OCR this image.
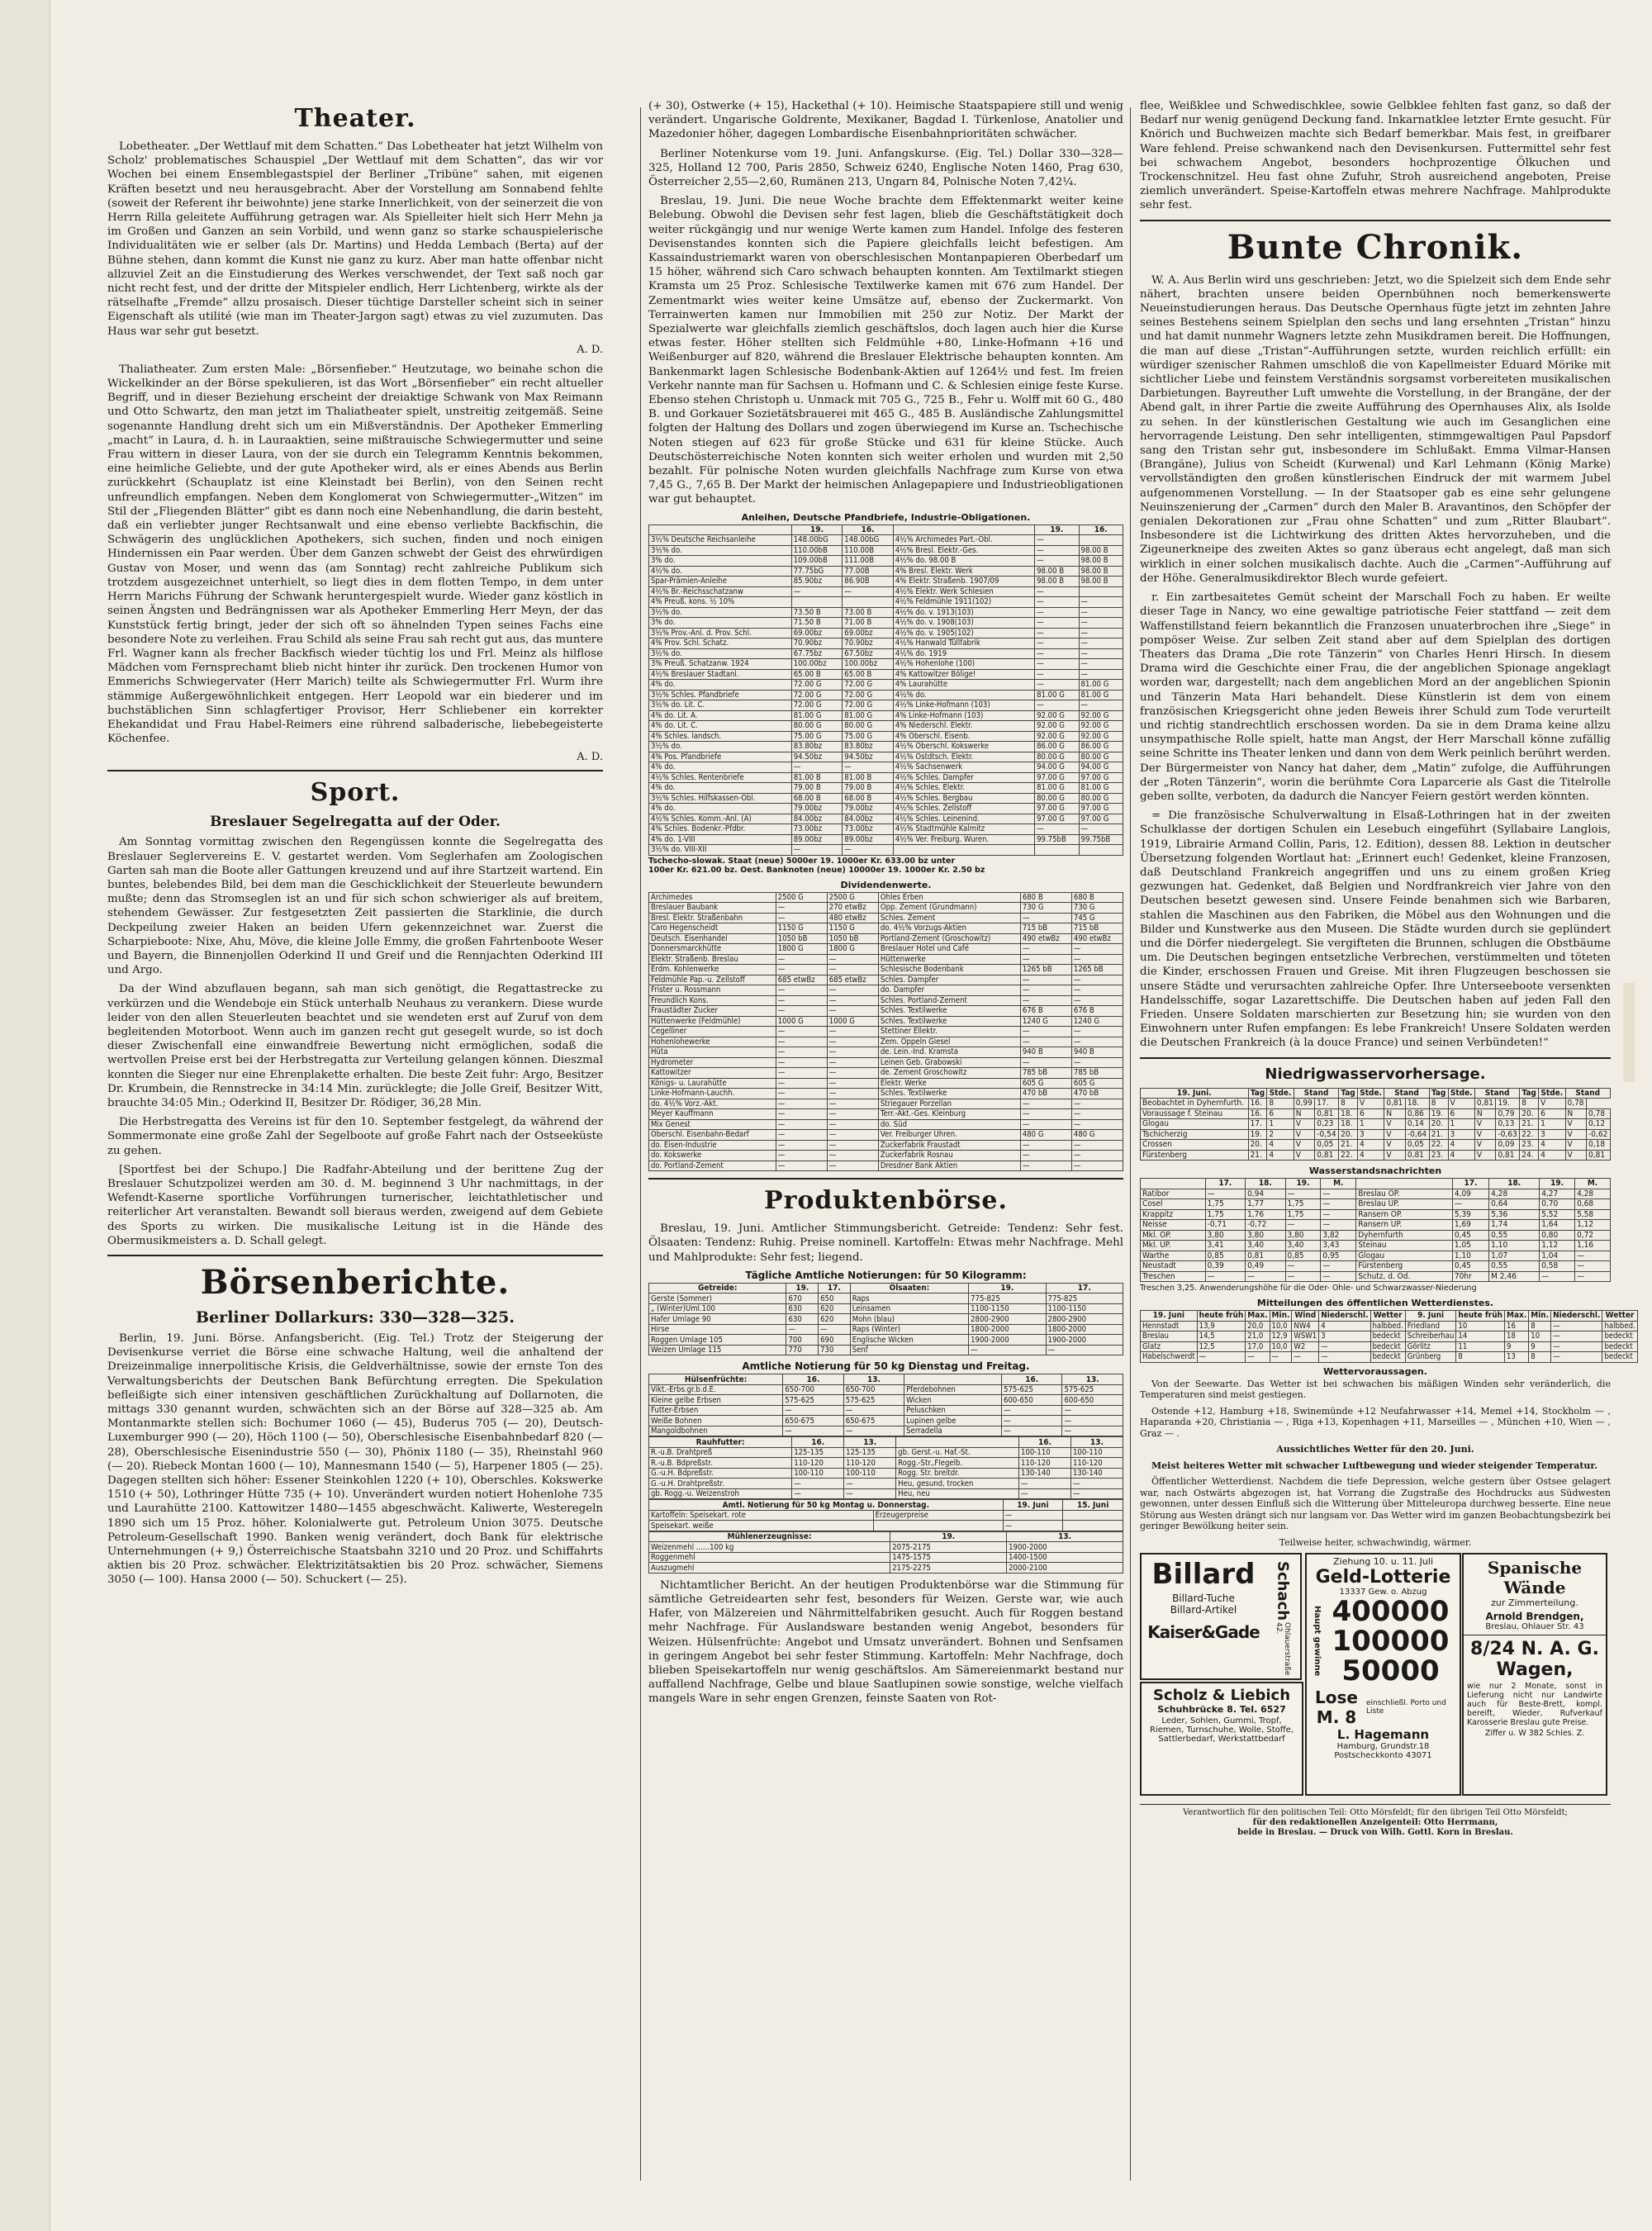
Theater.

Lobetheater. „Der Wettlauf mit dem Schatten.“ Das Lobetheater hat jetzt Wilhelm von Scholz' problematisches Schauspiel „Der Wettlauf mit dem Schatten“, das wir vor Wochen bei einem Ensemblegastspiel der Berliner „Tribüne“ sahen, mit eigenen Kräften besetzt und neu herausgebracht. Aber der Vorstellung am Sonnabend fehlte (soweit der Referent ihr beiwohnte) jene starke Innerlichkeit, von der seinerzeit die von Herrn Rilla geleitete Aufführung getragen war. Als Spielleiter hielt sich Herr Mehn ja im Großen und Ganzen an sein Vorbild, und wenn ganz so starke schauspielerische Individualitäten wie er selber (als Dr. Martins) und Hedda Lembach (Berta) auf der Bühne stehen, dann kommt die Kunst nie ganz zu kurz. Aber man hatte offenbar nicht allzuviel Zeit an die Einstudierung des Werkes verschwendet, der Text saß noch gar nicht recht fest, und der dritte der Mitspieler endlich, Herr Lichtenberg, wirkte als der rätselhafte „Fremde“ allzu prosaisch. Dieser tüchtige Darsteller scheint sich in seiner Eigenschaft als utilité (wie man im Theater-Jargon sagt) etwas zu viel zuzumuten. Das Haus war sehr gut besetzt.

A. D.

Thaliatheater. Zum ersten Male: „Börsenfieber.“ Heutzutage, wo beinahe schon die Wickelkinder an der Börse spekulieren, ist das Wort „Börsenfieber“ ein recht altueller Begriff, und in dieser Beziehung erscheint der dreiaktige Schwank von Max Reimann und Otto Schwartz, den man jetzt im Thaliatheater spielt, unstreitig zeitgemäß. Seine sogenannte Handlung dreht sich um ein Mißverständnis. Der Apotheker Emmerling „macht“ in Laura, d. h. in Lauraaktien, seine mißtrauische Schwiegermutter und seine Frau wittern in dieser Laura, von der sie durch ein Telegramm Kenntnis bekommen, eine heimliche Geliebte, und der gute Apotheker wird, als er eines Abends aus Berlin zurückkehrt (Schauplatz ist eine Kleinstadt bei Berlin), von den Seinen recht unfreundlich empfangen. Neben dem Konglomerat von Schwiegermutter-„Witzen“ im Stil der „Fliegenden Blätter“ gibt es dann noch eine Nebenhandlung, die darin besteht, daß ein verliebter junger Rechtsanwalt und eine ebenso verliebte Backfischin, die Schwägerin des unglücklichen Apothekers, sich suchen, finden und noch einigen Hindernissen ein Paar werden. Über dem Ganzen schwebt der Geist des ehrwürdigen Gustav von Moser, und wenn das (am Sonntag) recht zahlreiche Publikum sich trotzdem ausgezeichnet unterhielt, so liegt dies in dem flotten Tempo, in dem unter Herrn Marichs Führung der Schwank heruntergespielt wurde. Wieder ganz köstlich in seinen Ängsten und Bedrängnissen war als Apotheker Emmerling Herr Meyn, der das Kunststück fertig bringt, jeder der sich oft so ähnelnden Typen seines Fachs eine besondere Note zu verleihen. Frau Schild als seine Frau sah recht gut aus, das muntere Frl. Wagner kann als frecher Backfisch wieder tüchtig los und Frl. Meinz als hilflose Mädchen vom Fernsprechamt blieb nicht hinter ihr zurück. Den trockenen Humor von Emmerichs Schwiegervater (Herr Marich) teilte als Schwiegermutter Frl. Wurm ihre stämmige Außergewöhnlichkeit entgegen. Herr Leopold war ein biederer und im buchstäblichen Sinn schlagfertiger Provisor, Herr Schliebener ein korrekter Ehekandidat und Frau Habel-Reimers eine rührend salbaderische, liebebegeisterte Köchenfee.

A. D.

Sport.
Breslauer Segelregatta auf der Oder.

Am Sonntag vormittag zwischen den Regengüssen konnte die Segelregatta des Breslauer Seglervereins E. V. gestartet werden. Vom Seglerhafen am Zoologischen Garten sah man die Boote aller Gattungen kreuzend und auf ihre Startzeit wartend. Ein buntes, belebendes Bild, bei dem man die Geschicklichkeit der Steuerleute bewundern mußte; denn das Stromseglen ist an und für sich schon schwieriger als auf breitem, stehendem Gewässer. Zur festgesetzten Zeit passierten die Starklinie, die durch Deckpeilung zweier Haken an beiden Ufern gekennzeichnet war. Zuerst die Scharpieboote: Nixe, Ahu, Möve, die kleine Jolle Emmy, die großen Fahrtenboote Weser und Bayern, die Binnenjollen Oderkind II und Greif und die Rennjachten Oderkind III und Argo.

Da der Wind abzuflauen begann, sah man sich genötigt, die Regattastrecke zu verkürzen und die Wendeboje ein Stück unterhalb Neuhaus zu verankern. Diese wurde leider von den allen Steuerleuten beachtet und sie wendeten erst auf Zuruf von dem begleitenden Motorboot. Wenn auch im ganzen recht gut gesegelt wurde, so ist doch dieser Zwischenfall eine einwandfreie Bewertung nicht ermöglichen, sodaß die wertvollen Preise erst bei der Herbstregatta zur Verteilung gelangen können. Dieszmal konnten die Sieger nur eine Ehrenplakette erhalten. Die beste Zeit fuhr: Argo, Besitzer Dr. Krumbein, die Rennstrecke in 34:14 Min. zurücklegte; die Jolle Greif, Besitzer Witt, brauchte 34:05 Min.; Oderkind II, Besitzer Dr. Rödiger, 36,28 Min.

Die Herbstregatta des Vereins ist für den 10. September festgelegt, da während der Sommermonate eine große Zahl der Segelboote auf große Fahrt nach der Ostseeküste zu gehen.

[Sportfest bei der Schupo.] Die Radfahr-Abteilung und der berittene Zug der Breslauer Schutzpolizei werden am 30. d. M. beginnend 3 Uhr nachmittags, in der Wefendt-Kaserne sportliche Vorführungen turnerischer, leichtathletischer und reiterlicher Art veranstalten. Bewandt soll bieraus werden, zweigend auf dem Gebiete des Sports zu wirken. Die musikalische Leitung ist in die Hände des Obermusikmeisters a. D. Schall gelegt.

Börsenberichte.
Berliner Dollarkurs: 330—328—325.

Berlin, 19. Juni. Börse. Anfangsbericht. (Eig. Tel.) Trotz der Steigerung der Devisenkurse verriet die Börse eine schwache Haltung, weil die anhaltend der Dreizeinmalige innerpolitische Krisis, die Geldverhältnisse, sowie der ernste Ton des Verwaltungsberichts der Deutschen Bank Befürchtung erregten. Die Spekulation befleißigte sich einer intensiven geschäftlichen Zurückhaltung auf Dollarnoten, die mittags 330 genannt wurden, schwächten sich an der Börse auf 328—325 ab. Am Montanmarkte stellen sich: Bochumer 1060 (— 45), Buderus 705 (— 20), Deutsch-Luxemburger 990 (— 20), Höch 1100 (— 50), Oberschlesische Eisenbahnbedarf 820 (— 28), Oberschlesische Eisenindustrie 550 (— 30), Phönix 1180 (— 35), Rheinstahl 960 (— 20). Riebeck Montan 1600 (— 10), Mannesmann 1540 (— 5), Harpener 1805 (— 25). Dagegen stellten sich höher: Essener Steinkohlen 1220 (+ 10), Oberschles. Kokswerke 1510 (+ 50), Lothringer Hütte 735 (+ 10). Unverändert wurden notiert Hohenlohe 735 und Laurahütte 2100. Kattowitzer 1480—1455 abgeschwächt. Kaliwerte, Westeregeln 1890 sich um 15 Proz. höher. Kolonialwerte gut. Petroleum Union 3075. Deutsche Petroleum-Gesellschaft 1990. Banken wenig verändert, doch Bank für elektrische Unternehmungen (+ 9,) Österreichische Staatsbahn 3210 und 20 Proz. und Schiffahrts aktien bis 20 Proz. schwächer. Elektrizitätsaktien bis 20 Proz. schwächer, Siemens 3050 (— 100). Hansa 2000 (— 50). Schuckert (— 25).

(+ 30), Ostwerke (+ 15), Hackethal (+ 10). Heimische Staatspapiere still und wenig verändert. Ungarische Goldrente, Mexikaner, Bagdad I. Türkenlose, Anatolier und Mazedonier höher, dagegen Lombardische Eisenbahnprioritäten schwächer.

Berliner Notenkurse vom 19. Juni. Anfangskurse. (Eig. Tel.) Dollar 330—328—325, Holland 12 700, Paris 2850, Schweiz 6240, Englische Noten 1460, Prag 630, Österreicher 2,55—2,60, Rumänen 213, Ungarn 84, Polnische Noten 7,42¼.

Breslau, 19. Juni. Die neue Woche brachte dem Effektenmarkt weiter keine Belebung. Obwohl die Devisen sehr fest lagen, blieb die Geschäftstätigkeit doch weiter rückgängig und nur wenige Werte kamen zum Handel. Infolge des festeren Devisenstandes konnten sich die Papiere gleichfalls leicht befestigen. Am Kassaindustriemarkt waren von oberschlesischen Montanpapieren Oberbedarf um 15 höher, während sich Caro schwach behaupten konnten. Am Textilmarkt stiegen Kramsta um 25 Proz. Schlesische Textilwerke kamen mit 676 zum Handel. Der Zementmarkt wies weiter keine Umsätze auf, ebenso der Zuckermarkt. Von Terrainwerten kamen nur Immobilien mit 250 zur Notiz. Der Markt der Spezialwerte war gleichfalls ziemlich geschäftslos, doch lagen auch hier die Kurse etwas fester. Höher stellten sich Feldmühle +80, Linke-Hofmann +16 und Weißenburger auf 820, während die Breslauer Elektrische behaupten konnten. Am Bankenmarkt lagen Schlesische Bodenbank-Aktien auf 1264½ und fest. Im freien Verkehr nannte man für Sachsen u. Hofmann und C. & Schlesien einige feste Kurse. Ebenso stehen Christoph u. Unmack mit 705 G., 725 B., Fehr u. Wolff mit 60 G., 480 B. und Gorkauer Sozietätsbrauerei mit 465 G., 485 B. Ausländische Zahlungsmittel folgten der Haltung des Dollars und zogen überwiegend im Kurse an. Tschechische Noten stiegen auf 623 für große Stücke und 631 für kleine Stücke. Auch Deutschösterreichische Noten konnten sich weiter erholen und wurden mit 2,50 bezahlt. Für polnische Noten wurden gleichfalls Nachfrage zum Kurse von etwa 7,45 G., 7,65 B. Der Markt der heimischen Anlagepapiere und Industrieobligationen war gut behauptet.

Anleihen, Deutsche Pfandbriefe, Industrie-Obligationen.
	19.	16.		19.	16.
3½% Deutsche Reichsanleihe	148.00bG	148.00bG	4½% Archimedes Part.-Obl.	—	
3½% do.	110.00bB	110.00B	4½% Bresl. Elektr.-Ges.	—	98.00 B
3% do.	109.00bB	111.00B	4½% do. 98.00 B	—	98.00 B
4½% do.	77.75bG	77.00B	4% Bresl. Elektr. Werk	98.00 B	98.00 B
Spar-Prämien-Anleihe	85.90bz	86.90B	4% Elektr. Straßenb. 1907/09	98.00 B	98.00 B
4½% Br.-Reichsschatzanw	—	—	4½% Elektr. Werk Schlesien	—	
4% Preuß. kons. ½ 10%			4½% Feldmühle 1911(102)	—	—
3½% do.	73.50 B	73.00 B	4½% do. v. 1913(103)	—	—
3% do.	71.50 B	71.00 B	4½% do. v. 1908(103)	—	—
3½% Prov.-Anl. d. Prov. Schl.	69.00bz	69.00bz	4½% do. v. 1905(102)	—	—
4% Prov. Schl. Schatz.	70.90bz	70.90bz	4½% Hanwald Tüllfabrik	—	—
3½% do.	67.75bz	67.50bz	4½% do. 1919	—	—
3% Preuß. Schatzanw. 1924	100.00bz	100.00bz	4½% Hohenlohe (100)	—	—
4½% Breslauer Stadtanl.	65.00 B	65.00 B	4% Kattowitzer Bölige!	—	—
4% do.	72.00 G	72.00 G	4% Laurahütte	—	81.00 G
3½% Schles. Pfandbriefe	72.00 G	72.00 G	4½% do.	81.00 G	81.00 G
3½% do. Lit. C.	72.00 G	72.00 G	4½% Linke-Hofmann (103)	—	—
4% do. Lit. A.	81.00 G	81.00 G	4% Linke-Hofmann (103)	92.00 G	92.00 G
4% do. Lit. C.	80.00 G	80.00 G	4% Niederschl. Elektr.	92.00 G	92.00 G
4% Schles. landsch.	75.00 G	75.00 G	4% Oberschl. Eisenb.	92.00 G	92.00 G
3½% do.	83.80bz	83.80bz	4½% Oberschl. Kokswerke	86.00 G	86.00 G
4% Pos. Pfandbriefe	94.50bz	94.50bz	4½% Ostdtsch. Elektr.	80.00 G	80.00 G
4% do.	—	—	4½% Sachsenwerk	94.00 G	94.00 G
4½% Schles. Rentenbriefe	81.00 B	81.00 B	4½% Schles. Dampfer	97.00 G	97.00 G
4% do.	79.00 B	79.00 B	4½% Schles. Elektr.	81.00 G	81.00 G
3½% Schles. Hilfskassen-Obl.	68.00 B	68.00 B	4½% Schles. Bergbau	80.00 G	80.00 G
4% do.	79.00bz	79.00bz	4½% Schles. Zellstoff	97.00 G	97.00 G
4½% Schles. Komm.-Anl. (A)	84.00bz	84.00bz	4½% Schles. Leinenind.	97.00 G	97.00 G
4% Schles. Bodenkr.-Pfdbr.	73.00bz	73.00bz	4½% Stadtmühle Kalmitz	—	—
4% do. 1-VIII	89.00bz	89.00bz	4½% Ver. Freiburg. Wuren.	99.75bB	99.75bB
3½% do. VIII-XII	—	—			
Tschecho-slowak. Staat (neue) 5000er 19. 1000er Kr. 633.00 bz unter
100er Kr. 621.00 bz. Oest. Banknoten (neue) 10000er 19. 1000er Kr. 2.50 bz
Dividendenwerte.
Archimedes	2500 G	2500 G	Ohles Erben	680 B	680 B
Breslauer Baubank	—	270 etwBz	Opp. Zement (Grundmann)	730 G	730 G
Bresl. Elektr. Straßenbahn	—	480 etwBz	Schles. Zement	—	745 G
Caro Hegenscheidt	1150 G	1150 G	do. 4½% Vorzugs-Aktien	715 bB	715 bB
Deutsch. Eisenhandel	1050 bB	1050 bB	Portland-Zement (Groschowitz)	490 etwBz	490 etwBz
Donnersmarckhütte	1800 G	1800 G	Breslauer Hotel und Café	—	—
Elektr. Straßenb. Breslau	—	—	Hüttenwerke	—	—
Erdm. Kohlenwerke	—	—	Schlesische Bodenbank	1265 bB	1265 bB
Feldmühle Pap.-u. Zellstoff	685 etwBz	685 etwBz	Schles. Dampfer	—	—
Frister u. Rossmann	—	—	do. Dampfer	—	—
Freundlich Kons.	—	—	Schles. Portland-Zement	—	—
Fraustädter Zucker	—	—	Schles. Textilwerke	676 B	676 B
Hüttenwerke (Feldmühle)	1000 G	1000 G	Schles. Textilwerke	1240 G	1240 G
Cegelliner	—	—	Stettiner Ellektr.	—	—
Hohenlohewerke	—	—	Zem. Oppeln Giesel	—	—
Hüta	—	—	de. Lein.-Ind. Kramsta	940 B	940 B
Hydrometer	—	—	Leinen Geb. Grabowski	—	—
Kattowitzer	—	—	de. Zement Groschowitz	785 bB	785 bB
Königs- u. Laurahütte	—	—	Elektr. Werke	605 G	605 G
Linke-Hofmann-Lauchh.	—	—	Schles. Textilwerke	470 bB	470 bB
do. 4½% Vorz.-Akt.	—	—	Striegauer Porzellan	—	—
Meyer Kauffmann	—	—	Terr.-Akt.-Ges. Kleinburg	—	—
Mix Genest	—	—	do. Süd	—	—
Oberschl. Eisenbahn-Bedarf	—	—	Ver. Freiburger Uhren.	480 G	480 G
do. Eisen-Industrie	—	—	Zuckerfabrik Fraustadt	—	—
do. Kokswerke	—	—	Zuckerfabrik Rosnau	—	—
do. Portland-Zement	—	—	Dresdner Bank Aktien	—	—
Produktenbörse.

Breslau, 19. Juni. Amtlicher Stimmungsbericht. Getreide: Tendenz: Sehr fest. Ölsaaten: Tendenz: Ruhig. Preise nominell. Kartoffeln: Etwas mehr Nachfrage. Mehl und Mahlprodukte: Sehr fest; liegend.

Tägliche Amtliche Notierungen: für 50 Kilogramm:
Getreide:	19.	17.	Ölsaaten:	19.	17.
Gerste (Sommer)	670	650	Raps	775-825	775-825
„ (Winter)Uml.100	630	620	Leinsamen	1100-1150	1100-1150
Hafer Umlage 90	630	620	Mohn (blau)	2800-2900	2800-2900
Hirse	—	—	Raps (Winter)	1800-2000	1800-2000
Roggen Umlage 105	700	690	Englische Wicken	1900-2000	1900-2000
Weizen Umlage 115	770	730	Senf	—	—
Amtliche Notierung für 50 kg Dienstag und Freitag.
Hülsenfrüchte:	16.	13.		16.	13.
Vikt.-Erbs.gr.b.d.E.	650-700	650-700	Pferdebohnen	575-625	575-625
Kleine gelbe Erbsen	575-625	575-625	Wicken	600-650	600-650
Futter-Erbsen	—	—	Peluschken	—	—
Weiße Bohnen	650-675	650-675	Lupinen gelbe	—	—
Mangoldbohnen	—	—	Serradella	—	—
Rauhfutter:	16.	13.		16.	13.
R.-u.B. Drahtpreß	125-135	125-135	gb. Gerst.-u. Haf.-St.	100-110	100-110
R.-u.B. Bdpreßstr.	110-120	110-120	Rogg.-Str.,Flegelb.	110-120	110-120
G.-u.H. Bdpreßstr.	100-110	100-110	Rogg. Str. breitdr.	130-140	130-140
G.-u.H. Drahtpreßstr.	—	—	Heu, gesund, trocken	—	—
gb. Rogg.-u. Weizenstroh	—	—	Heu, neu	—	—
Amtl. Notierung für 50 kg Montag u. Donnerstag.		19. Juni	15. Juni
Kartoffeln: Speisekart. rote	Erzeugerpreise	—	
Speisekart. weiße		—	
Mühlenerzeugnisse:	19.	13.
Weizenmehl ......100 kg	2075-2175	1900-2000
Roggenmehl	1475-1575	1400-1500
Auszugmehl	2175-2275	2000-2100

Nichtamtlicher Bericht. An der heutigen Produktenbörse war die Stimmung für sämtliche Getreidearten sehr fest, besonders für Weizen. Gerste war, wie auch Hafer, von Mälzereien und Nährmittelfabriken gesucht. Auch für Roggen bestand mehr Nachfrage. Für Auslandsware bestanden wenig Angebot, besonders für Weizen. Hülsenfrüchte: Angebot und Umsatz unverändert. Bohnen und Senfsamen in geringem Angebot bei sehr fester Stimmung. Kartoffeln: Mehr Nachfrage, doch blieben Speisekartoffeln nur wenig geschäftslos. Am Sämereienmarkt bestand nur auffallend Nachfrage, Gelbe und blaue Saatlupinen sowie sonstige, welche vielfach mangels Ware in sehr engen Grenzen, feinste Saaten von Rot-

flee, Weißklee und Schwedischklee, sowie Gelbklee fehlten fast ganz, so daß der Bedarf nur wenig genügend Deckung fand. Inkarnatklee letzter Ernte gesucht. Für Knörich und Buchweizen machte sich Bedarf bemerkbar. Mais fest, in greifbarer Ware fehlend. Preise schwankend nach den Devisenkursen. Futtermittel sehr fest bei schwachem Angebot, besonders hochprozentige Ölkuchen und Trockenschnitzel. Heu fast ohne Zufuhr, Stroh ausreichend angeboten, Preise ziemlich unverändert. Speise-Kartoffeln etwas mehrere Nachfrage. Mahlprodukte sehr fest.

Bunte Chronik.

W. A. Aus Berlin wird uns geschrieben: Jetzt, wo die Spielzeit sich dem Ende sehr nähert, brachten unsere beiden Opernbühnen noch bemerkenswerte Neueinstudierungen heraus. Das Deutsche Opernhaus fügte jetzt im zehnten Jahre seines Bestehens seinem Spielplan den sechs und lang ersehnten „Tristan“ hinzu und hat damit nunmehr Wagners letzte zehn Musikdramen bereit. Die Hoffnungen, die man auf diese „Tristan“-Aufführungen setzte, wurden reichlich erfüllt: ein würdiger szenischer Rahmen umschloß die von Kapellmeister Eduard Mörike mit sichtlicher Liebe und feinstem Verständnis sorgsamst vorbereiteten musikalischen Darbietungen. Bayreuther Luft umwehte die Vorstellung, in der Brangäne, der der Abend galt, in ihrer Partie die zweite Aufführung des Opernhauses Alix, als Isolde zu sehen. In der künstlerischen Gestaltung wie auch im Gesanglichen eine hervorragende Leistung. Den sehr intelligenten, stimmgewaltigen Paul Papsdorf sang den Tristan sehr gut, insbesondere im Schlußakt. Emma Vilmar-Hansen (Brangäne), Julius von Scheidt (Kurwenal) und Karl Lehmann (König Marke) vervollständigten den großen künstlerischen Eindruck der mit warmem Jubel aufgenommenen Vorstellung. — In der Staatsoper gab es eine sehr gelungene Neuinszenierung der „Carmen“ durch den Maler B. Aravantinos, den Schöpfer der genialen Dekorationen zur „Frau ohne Schatten“ und zum „Ritter Blaubart“. Insbesondere ist die Lichtwirkung des dritten Aktes hervorzuheben, und die Zigeunerkneipe des zweiten Aktes so ganz überaus echt angelegt, daß man sich wirklich in einer solchen musikalisch dachte. Auch die „Carmen“-Aufführung auf der Höhe. Generalmusikdirektor Blech wurde gefeiert.

r. Ein zartbesaitetes Gemüt scheint der Marschall Foch zu haben. Er weilte dieser Tage in Nancy, wo eine gewaltige patriotische Feier stattfand — zeit dem Waffenstillstand feiern bekanntlich die Franzosen unuaterbrochen ihre „Siege“ in pompöser Weise. Zur selben Zeit stand aber auf dem Spielplan des dortigen Theaters das Drama „Die rote Tänzerin“ von Charles Henri Hirsch. In diesem Drama wird die Geschichte einer Frau, die der angeblichen Spionage angeklagt worden war, dargestellt; nach dem angeblichen Mord an der angeblichen Spionin und Tänzerin Mata Hari behandelt. Diese Künstlerin ist dem von einem französischen Kriegsgericht ohne jeden Beweis ihrer Schuld zum Tode verurteilt und richtig standrechtlich erschossen worden. Da sie in dem Drama keine allzu unsympathische Rolle spielt, hatte man Angst, der Herr Marschall könne zufällig seine Schritte ins Theater lenken und dann von dem Werk peinlich berührt werden. Der Bürgermeister von Nancy hat daher, dem „Matin“ zufolge, die Aufführungen der „Roten Tänzerin“, worin die berühmte Cora Laparcerie als Gast die Titelrolle geben sollte, verboten, da dadurch die Nancyer Feiern gestört werden könnten.

= Die französische Schulverwaltung in Elsaß-Lothringen hat in der zweiten Schulklasse der dortigen Schulen ein Lesebuch eingeführt (Syllabaire Langlois, 1919, Librairie Armand Collin, Paris, 12. Edition), dessen 88. Lektion in deutscher Übersetzung folgenden Wortlaut hat: „Erinnert euch! Gedenket, kleine Franzosen, daß Deutschland Frankreich angegriffen und uns zu einem großen Krieg gezwungen hat. Gedenket, daß Belgien und Nordfrankreich vier Jahre von den Deutschen besetzt gewesen sind. Unsere Feinde benahmen sich wie Barbaren, stahlen die Maschinen aus den Fabriken, die Möbel aus den Wohnungen und die Bilder und Kunstwerke aus den Museen. Die Städte wurden durch sie geplündert und die Dörfer niedergelegt. Sie vergifteten die Brunnen, schlugen die Obstbäume um. Die Deutschen begingen entsetzliche Verbrechen, verstümmelten und töteten die Kinder, erschossen Frauen und Greise. Mit ihren Flugzeugen beschossen sie unsere Städte und verursachten zahlreiche Opfer. Ihre Unterseeboote versenkten Handelsschiffe, sogar Lazarettschiffe. Die Deutschen haben auf jeden Fall den Frieden. Unsere Soldaten marschierten zur Besetzung hin; sie wurden von den Einwohnern unter Rufen empfangen: Es lebe Frankreich! Unsere Soldaten werden die Deutschen Frankreich (à la douce France) und seinen Verbündeten!“

Niedrigwasservorhersage.
19. Juni.	Tag	Stde.	Stand		Tag	Stde.	Stand		Tag	Stde.	Stand		Tag	Stde.	Stand	
Beobachtet in Dyhernfurth.	16.	8	0,99	17.	8	V	0,81	18.	8	V	0,81	19.	8	V	0,78	
Voraussage f. Steinau	16.	6	N	0,81	18.	6	N	0,86	19.	6	N	0,79	20.	6	N	0,78
Glogau	17.	1	V	0,23	18.	1	V	0,14	20.	1	V	0,13	21.	1	V	0,12
Tschicherzig	19.	2	V	-0,54	20.	3	V	-0,64	21.	3	V	-0,63	22.	3	V	-0,62
Crossen	20.	4	V	0,05	21.	4	V	0,05	22.	4	V	0,09	23.	4	V	0,18
Fürstenberg	21.	4	V	0,81	22.	4	V	0,81	23.	4	V	0,81	24.	4	V	0,81
Wasserstandsnachrichten
	17.	18.	19.	M.		17.	18.	19.	M.
Ratibor	—	0,94	—	—	Breslau OP.	4,09	4,28	4,27	4,28
Cosel	1,75	1,77	1,75	—	Breslau UP.	—	0,64	0,70	0,68
Krappitz	1,75	1,76	1,75	—	Ransern OP.	5,39	5,36	5,52	5,58
Neisse	-0,71	-0,72	—	—	Ransern UP.	1,69	1,74	1,64	1,12
Mkl. OP.	3,80	3,80	3,80	3,82	Dyhernfurth	0,45	0,55	0,80	0,72
Mkl. UP.	3,41	3,40	3,40	3,43	Steinau	1,05	1,10	1,12	1,16
Warthe	0,85	0,81	0,85	0,95	Glogau	1,10	1,07	1,04	—
Neustadt	0,39	0,49	—	—	Fürstenberg	0,45	0,55	0,58	—
Treschen	—	—	—	—	Schutz, d. Od.	70hr	M 2,46	—	—
Treschen 3,25. Anwenderungshöhe für die Oder- Ohle- und Schwarzwasser-Niederung
Mitteilungen des öffentlichen Wetterdienstes.
19. Juni	heute früh	Max.	Min.	Wind	Niederschl.	Wetter	9. Juni	heute früh	Max.	Min.	Niederschl.	Wetter
Hennstadt	13,9	20,0	10,0	NW4	4	halbbed.	Friedland	10	16	8	—	halbbed.
Breslau	14,5	21,0	12,9	WSW1	3	bedeckt	Schreiberhau	14	18	10	—	bedeckt
Glatz	12,5	17,0	10,0	W2	—	bedeckt	Görlitz	11	9	9	—	bedeckt
Habelschwerdt	—	—	—	—	—	bedeckt	Grünberg	8	13	8	—	bedeckt
Wettervoraussagen.

Von der Seewarte. Das Wetter ist bei schwachen bis mäßigen Winden sehr veränderlich, die Temperaturen sind meist gestiegen.

Ostende +12, Hamburg +18, Swinemünde +12 Neufahrwasser +14, Memel +14, Stockholm — , Haparanda +20, Christiania — , Riga +13, Kopenhagen +11, Marseilles — , München +10, Wien — , Graz — .

Aussichtliches Wetter für den 20. Juni.

Meist heiteres Wetter mit schwacher Luftbewegung und wieder steigender Temperatur.

Öffentlicher Wetterdienst. Nachdem die tiefe Depression, welche gestern über Ostsee gelagert war, nach Ostwärts abgezogen ist, hat Vorrang die Zugstraße des Hochdrucks aus Südwesten gewonnen, unter dessen Einfluß sich die Witterung über Mitteleuropa durchweg besserte. Eine neue Störung aus Westen drängt sich nur langsam vor. Das Wetter wird im ganzen Beobachtungsbezirk bei geringer Bewölkung heiter sein.

Teilweise heiter, schwachwindig, wärmer.

Billard
Billard-Tuche
Billard-Artikel
Kaiser&Gade
Schach
Ohlauerstraße 42.
Ziehung 10. u. 11. Juli
Geld-Lotterie
13337 Gew. o. Abzug
Haupt gewinne 400000
100000
50000
Lose M. 8
einschließl. Porto und Liste
L. Hagemann
Hamburg, Grundstr.18
Postscheckkonto 43071
Spanische Wände
zur Zimmerteilung.
Arnold Brendgen,
Breslau, Ohlauer Str. 43
8/24 N. A. G.
Wagen,
wie nur 2 Monate, sonst in Lieferung nicht nur Landwirte auch für Beste-Brett, kompl. bereift, Wieder, Rufverkauf Karosserie Breslau gute Preise.
Ziffer u. W 382 Schles. Z.
Scholz & Liebich
Schuhbrücke 8. Tel. 6527
Leder, Sohlen, Gummi, Tropf, Riemen, Turnschuhe, Wolle, Stoffe, Sattlerbedarf, Werkstattbedarf
Verantwortlich für den politischen Teil: Otto Mörsfeldt; für den übrigen Teil Otto Mörsfeldt;
für den redaktionellen Anzeigenteil: Otto Herrmann,
beide in Breslau. — Druck von Wilh. Gottl. Korn in Breslau.
